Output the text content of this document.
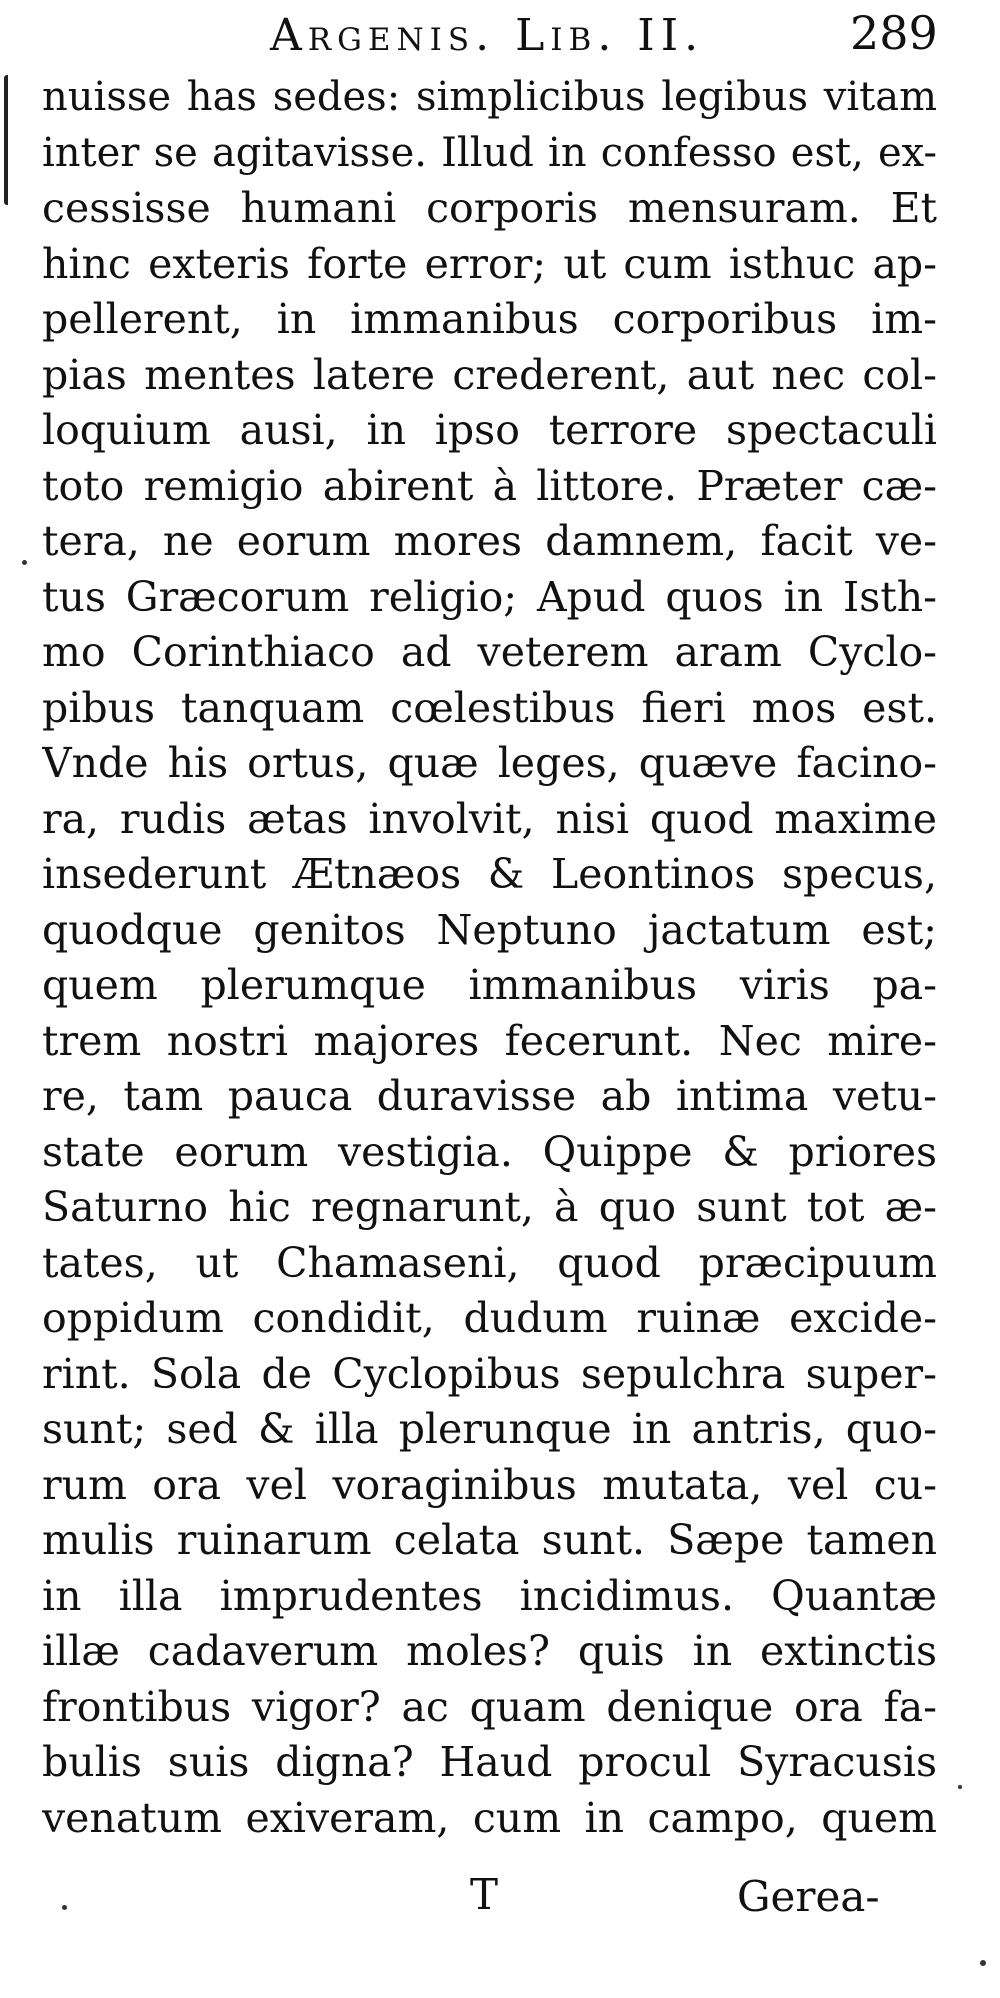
Argenis. Lib. II.	289
nuisse has sedes: simplicibus legibus vitam
inter se agitavisse. Illud in confesso est, ex-
cessisse humani corporis mensuram. Et
hinc exteris forte error; ut cum isthuc ap-
pellerent, in immanibus corporibus im-
pias mentes latere crederent, aut nec col-
loquium ausi, in ipso terrore spectaculi
toto remigio abirent à littore. Præter cæ-
tera, ne eorum mores damnem, facit ve-
tus Græcorum religio; Apud quos in Isth-
mo Corinthiaco ad veterem aram Cyclo-
pibus tanquam cœlestibus fieri mos est.
Vnde his ortus, quæ leges, quæve facino-
ra, rudis ætas involvit, nisi quod maxime
insederunt Ætnæos & Leontinos specus,
quodque genitos Neptuno jactatum est;
quem plerumque immanibus viris pa-
trem nostri majores fecerunt. Nec mire-
re, tam pauca duravisse ab intima vetu-
state eorum vestigia. Quippe & priores
Saturno hic regnarunt, à quo sunt tot æ-
tates, ut Chamaseni, quod præcipuum
oppidum condidit, dudum ruinæ excide-
rint. Sola de Cyclopibus sepulchra super-
sunt; sed & illa plerunque in antris, quo-
rum ora vel voraginibus mutata, vel cu-
mulis ruinarum celata sunt. Sæpe tamen
in illa imprudentes incidimus. Quantæ
illæ cadaverum moles? quis in extinctis
frontibus vigor? ac quam denique ora fa-
bulis suis digna? Haud procul Syracusis
venatum exiveram, cum in campo, quem
T	Gerea-
